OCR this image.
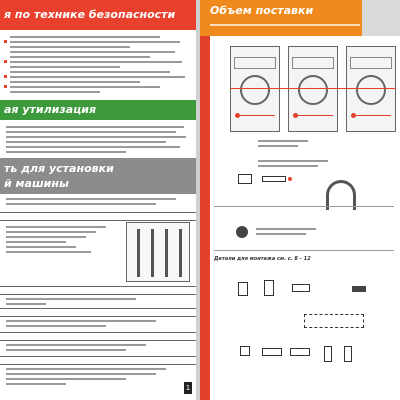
я по технике безопасности
ая утилизация
ть для установки
й машины
1
Объем поставки
Детали для монтажа см. с. 8 – 12
